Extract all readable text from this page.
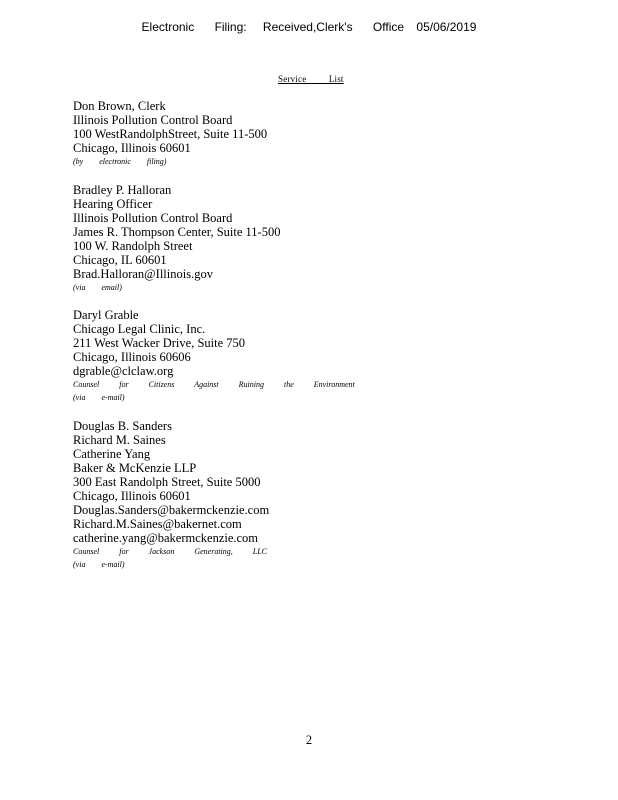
Electronic Filing: Received,Clerk's Office 05/06/2019
Service List
Don Brown, Clerk
Illinois Pollution Control Board
100 WestRandolphStreet, Suite 11-500
Chicago, Illinois 60601
(by electronic filing)
Bradley P. Halloran
Hearing Officer
Illinois Pollution Control Board
James R. Thompson Center, Suite 11-500
100 W. Randolph Street
Chicago, IL 60601
Brad.Halloran@Illinois.gov
(via email)
Daryl Grable
Chicago Legal Clinic, Inc.
211 West Wacker Drive, Suite 750
Chicago, Illinois 60606
dgrable@clclaw.org
Counsel for Citizens Against Ruining the Environment
(via e-mail)
Douglas B. Sanders
Richard M. Saines
Catherine Yang
Baker & McKenzie LLP
300 East Randolph Street, Suite 5000
Chicago, Illinois 60601
Douglas.Sanders@bakermckenzie.com
Richard.M.Saines@bakernet.com
catherine.yang@bakermckenzie.com
Counsel for Jackson Generating, LLC
(via e-mail)
2
